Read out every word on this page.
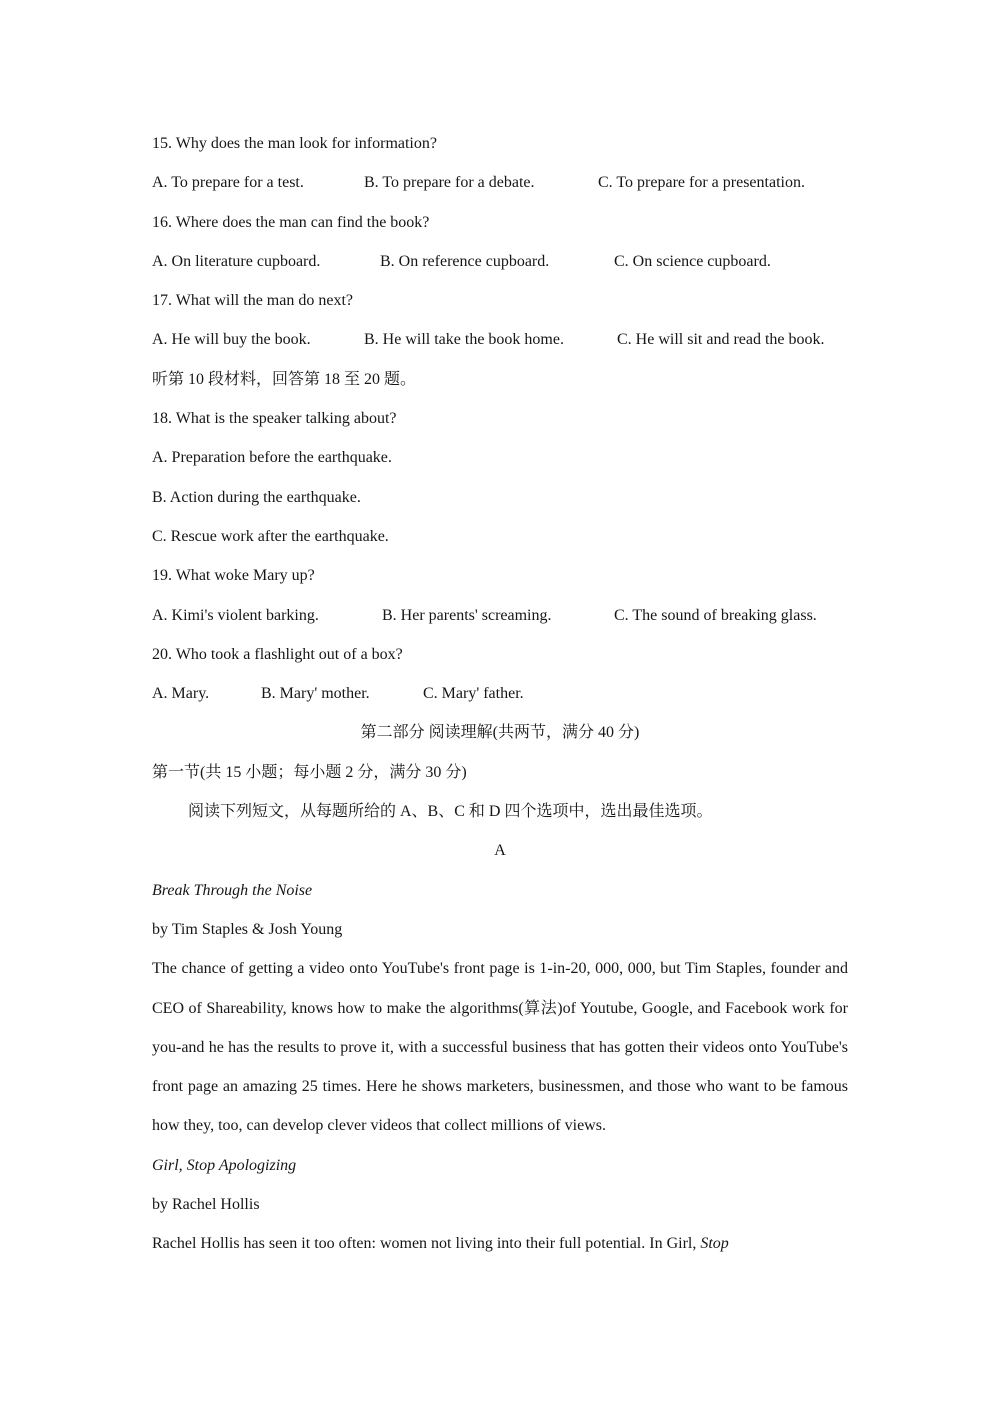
15. Why does the man look for information?
A. To prepare for a test.	B. To prepare for a debate.	C. To prepare for a presentation.
16. Where does the man can find the book?
A. On literature cupboard.	B. On reference cupboard.	C. On science cupboard.
17. What will the man do next?
A. He will buy the book.	B. He will take the book home.	C. He will sit and read the book.
听第 10 段材料，回答第 18 至 20 题。
18. What is the speaker talking about?
A. Preparation before the earthquake.
B. Action during the earthquake.
C. Rescue work after the earthquake.
19. What woke Mary up?
A. Kimi's violent barking.	B. Her parents' screaming.	C. The sound of breaking glass.
20. Who took a flashlight out of a box?
A. Mary.	B. Mary' mother.	C. Mary' father.
第二部分 阅读理解(共两节，满分 40 分)
第一节(共 15 小题；每小题 2 分，满分 30 分)
阅读下列短文，从每题所给的 A、B、C 和 D 四个选项中，选出最佳选项。
A
Break Through the Noise
by Tim Staples & Josh Young
The chance of getting a video onto YouTube's front page is 1-in-20, 000, 000, but Tim Staples, founder and CEO of Shareability, knows how to make the algorithms(算法)of Youtube, Google, and Facebook work for you-and he has the results to prove it, with a successful business that has gotten their videos onto YouTube's front page an amazing 25 times. Here he shows marketers, businessmen, and those who want to be famous how they, too, can develop clever videos that collect millions of views.
Girl, Stop Apologizing
by Rachel Hollis
Rachel Hollis has seen it too often: women not living into their full potential. In Girl, Stop
